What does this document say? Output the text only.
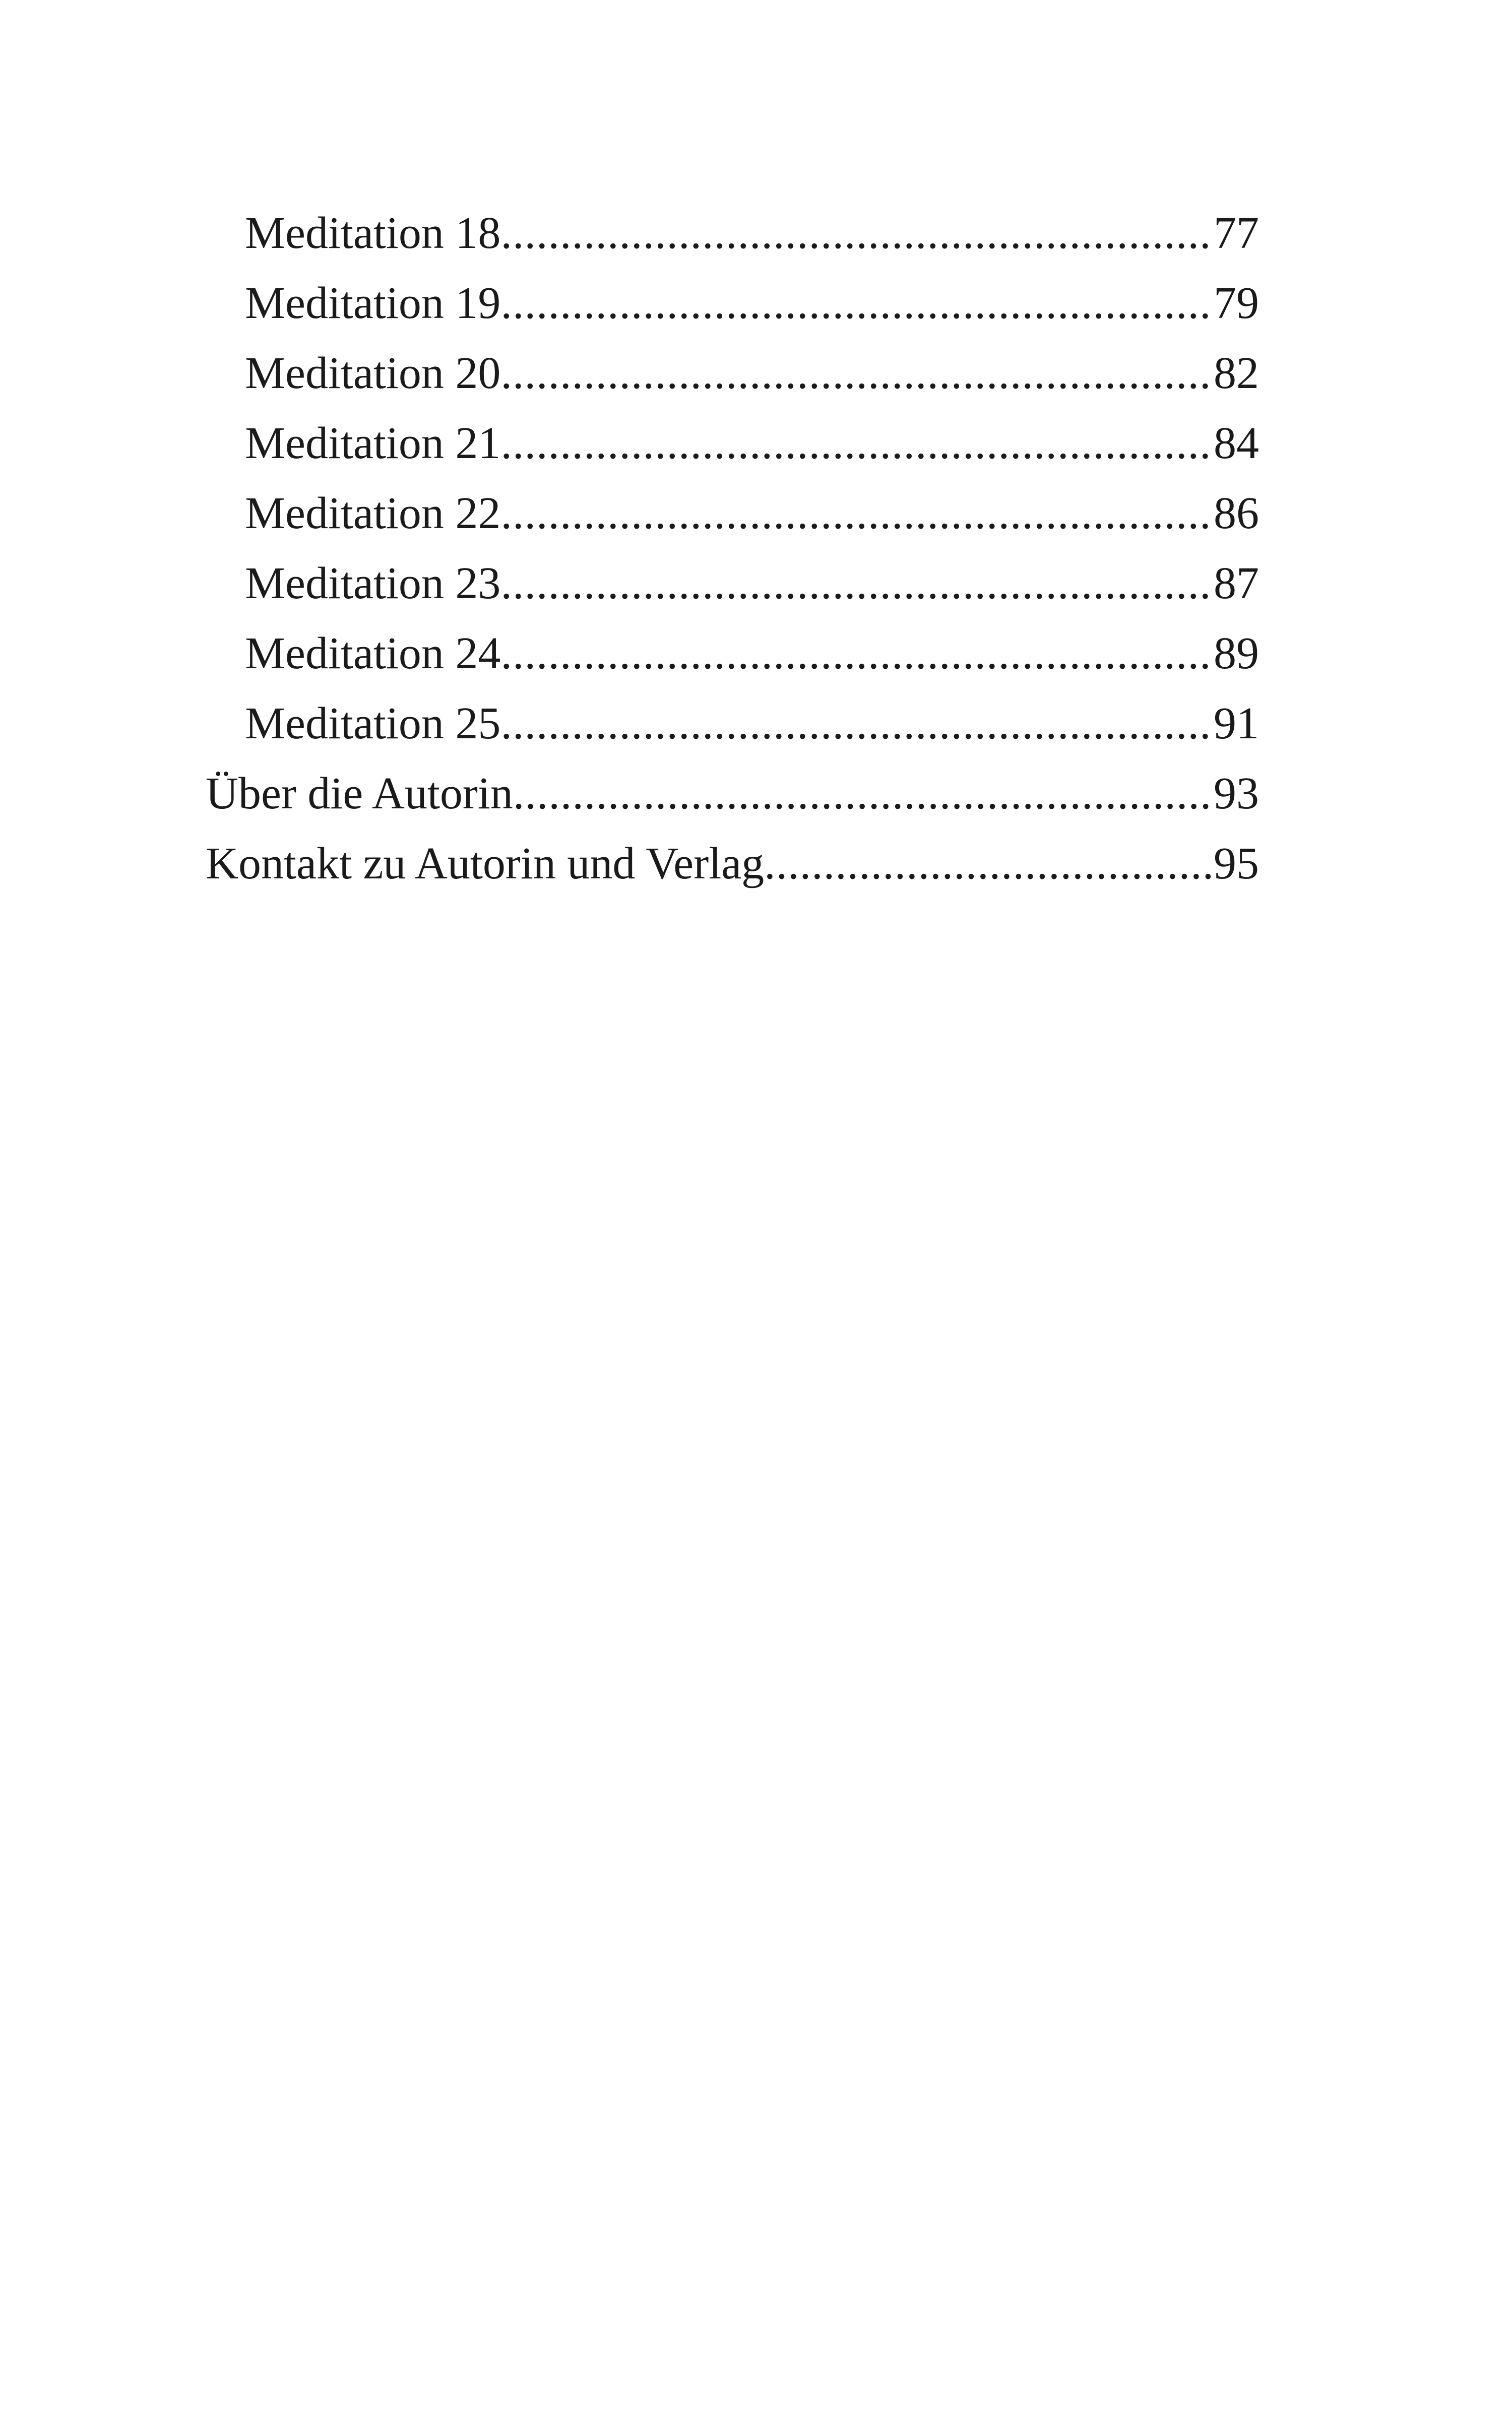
Meditation 18 .....	77
Meditation 19 .....	79
Meditation 20 .....	82
Meditation 21 .....	84
Meditation 22 .....	86
Meditation 23 .....	87
Meditation 24 .....	89
Meditation 25 .....	91
Über die Autorin .....	93
Kontakt zu Autorin und Verlag .....	95
